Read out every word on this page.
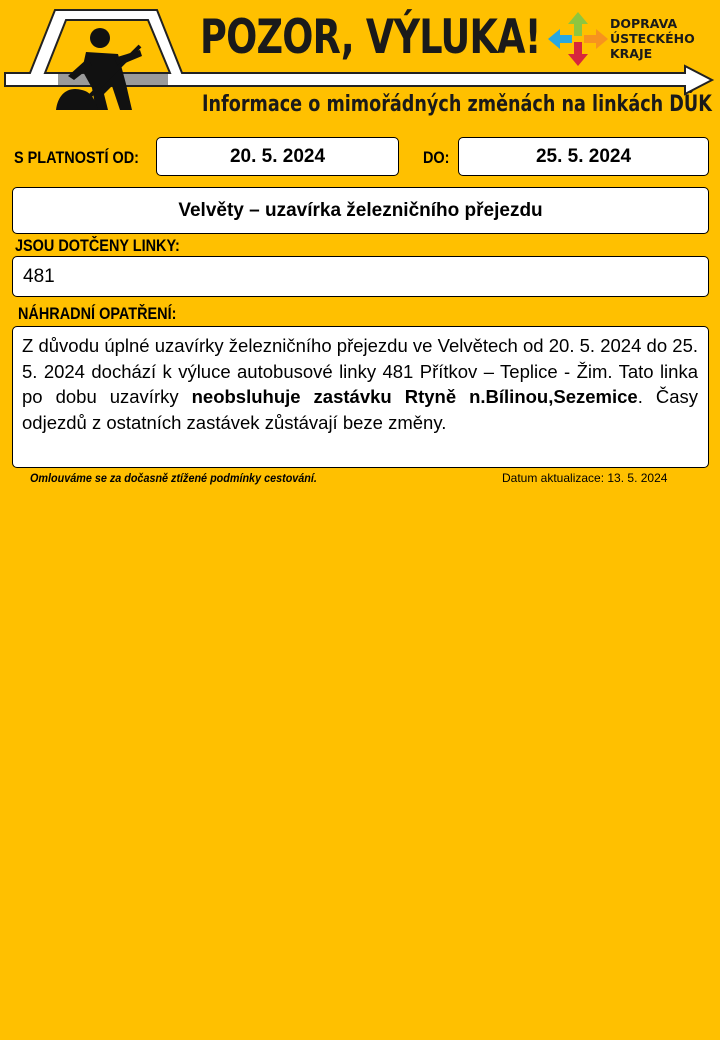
POZOR, VÝLUKA!
Informace o mimořádných změnách na linkách DÚK
DOPRAVA
ÚSTECKÉHO
KRAJE
S PLATNOSTÍ OD:	20. 5. 2024	DO:	25. 5. 2024
Velvěty – uzavírka železničního přejezdu
JSOU DOTČENY LINKY:
481
NÁHRADNÍ OPATŘENÍ:
Z důvodu úplné uzavírky železničního přejezdu ve Velvětech od 20. 5. 2024 do 25. 5. 2024 dochází k výluce autobusové linky 481 Přítkov – Teplice - Žim. Tato linka po dobu uzavírky neobsluhuje zastávku Rtyně n.Bílinou,Sezemice. Časy odjezdů z ostatních zastávek zůstávají beze změny.
Omlouváme se za dočasně ztížené podmínky cestování.	Datum aktualizace: 13. 5. 2024
